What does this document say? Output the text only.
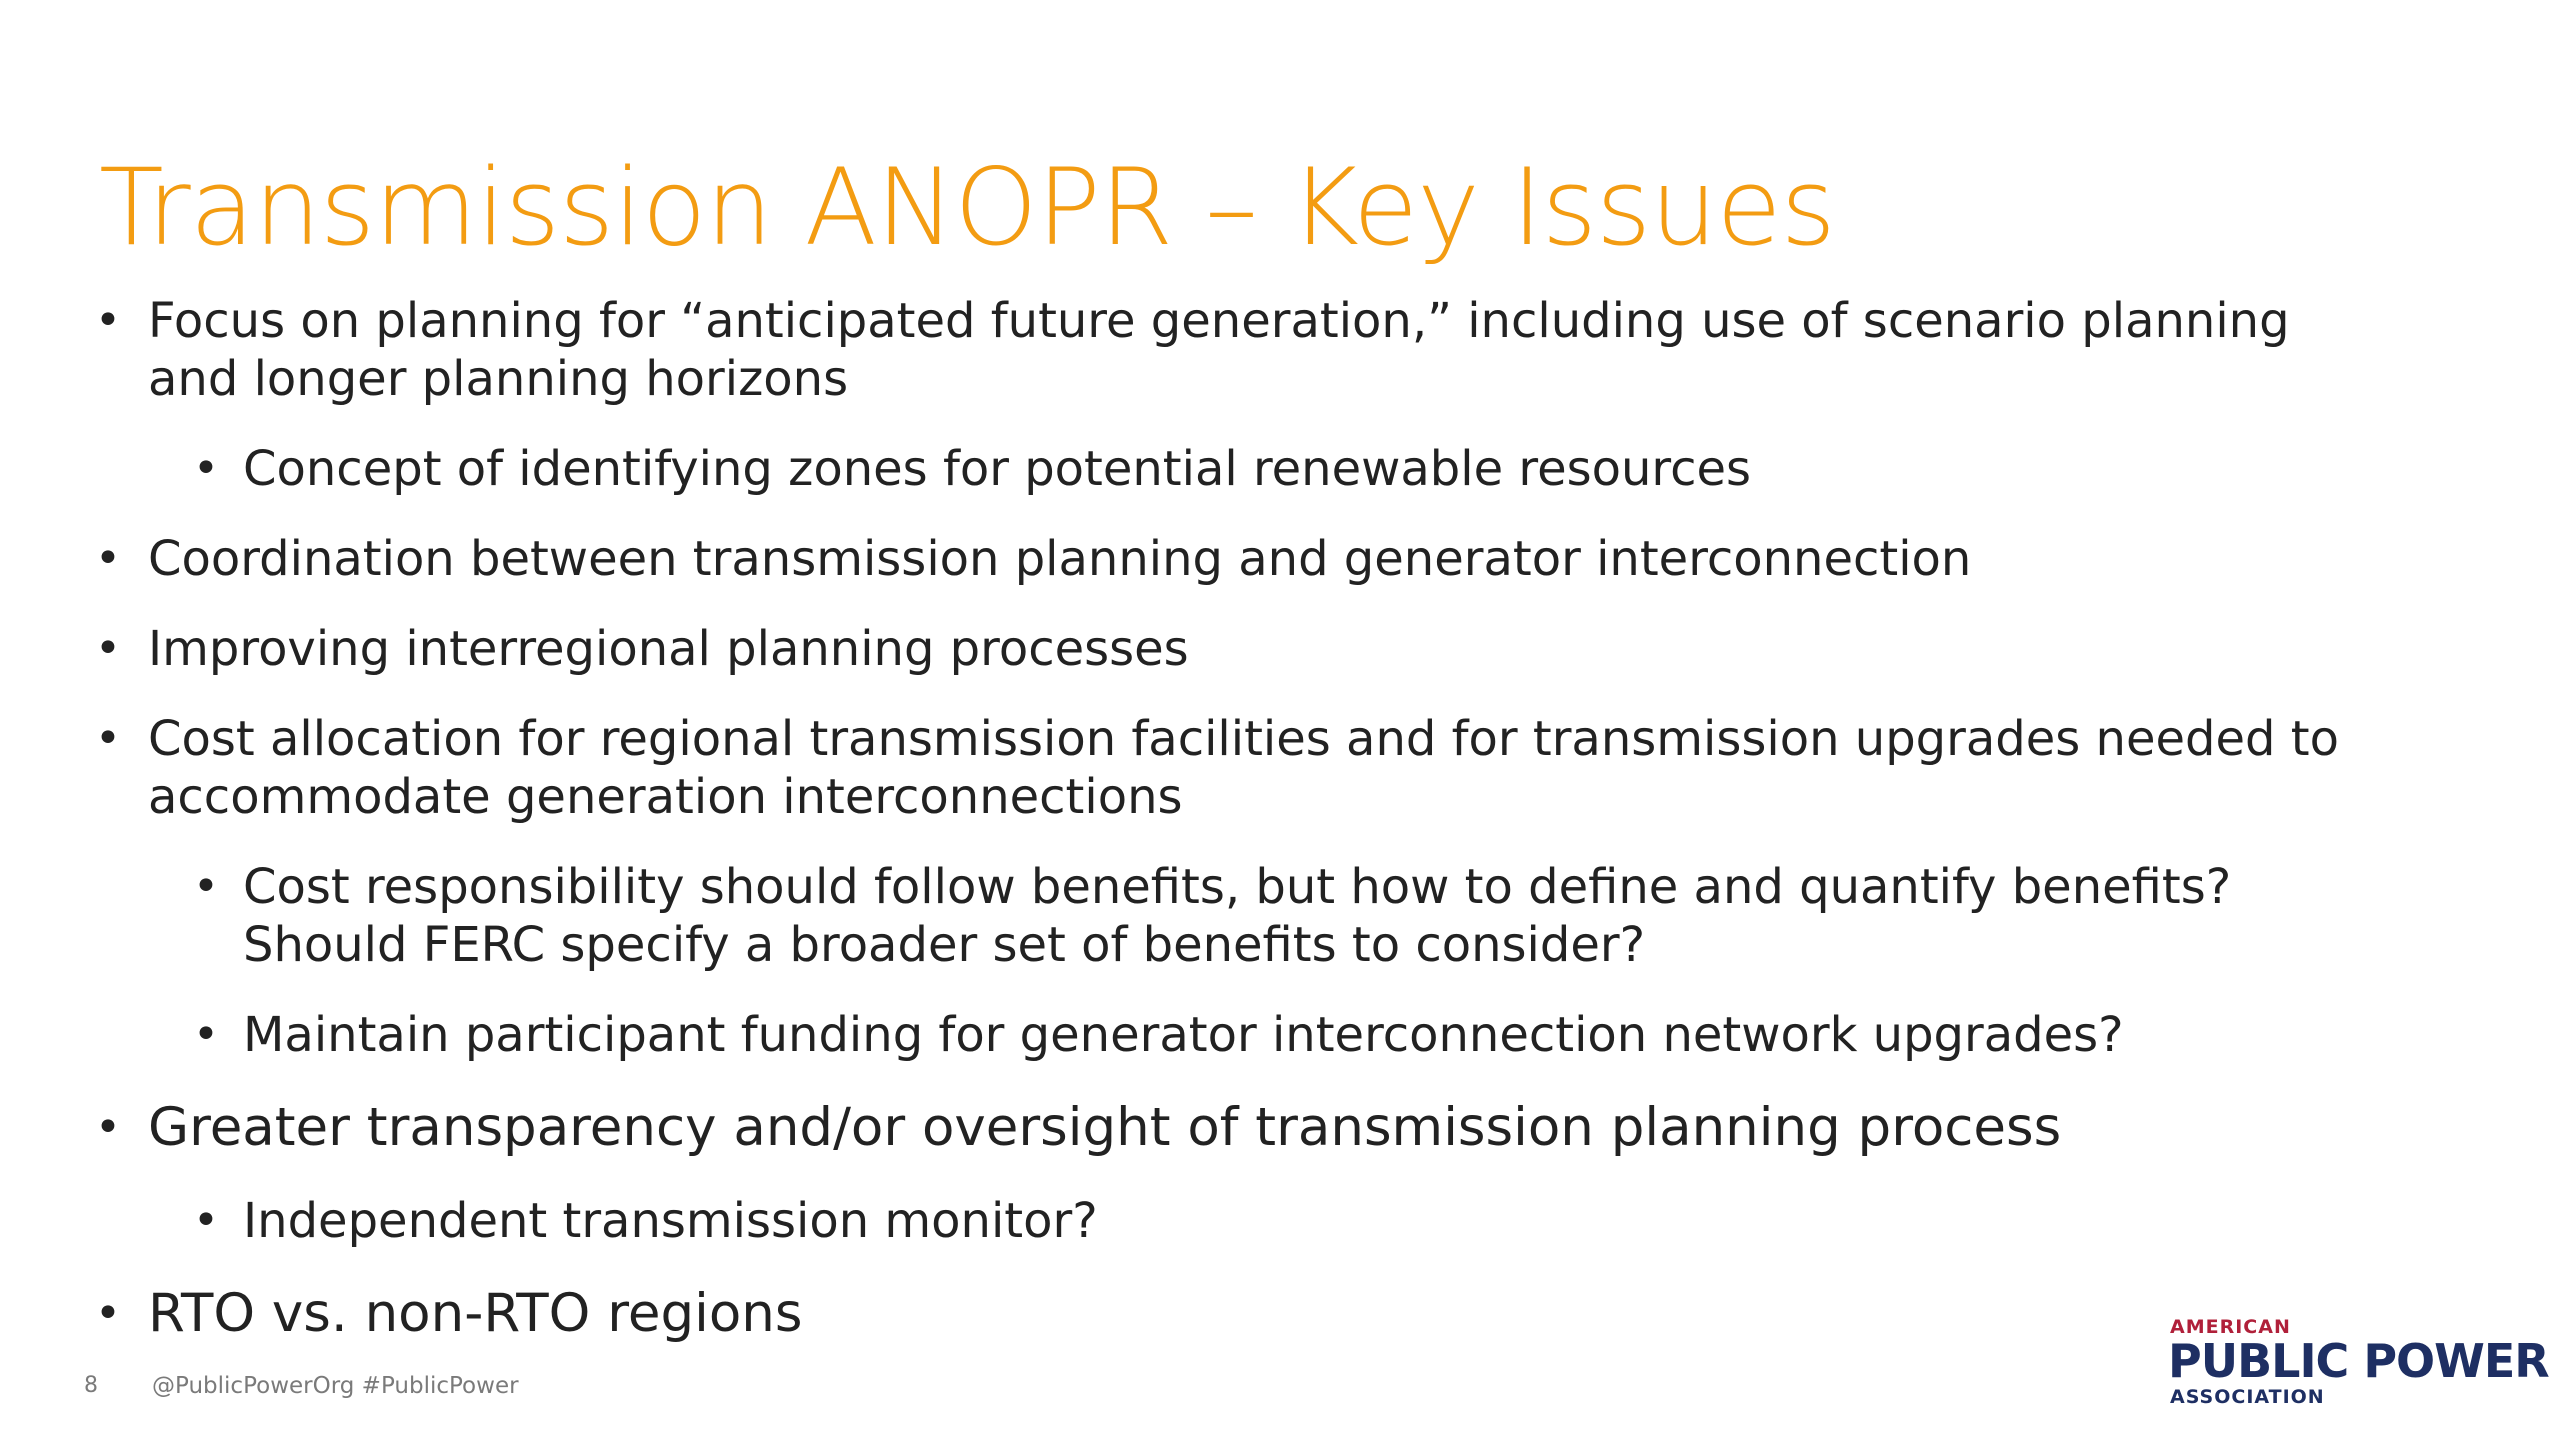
Transmission ANOPR – Key Issues
• Focus on planning for “anticipated future generation,” including use of scenario planning and longer planning horizons
• Concept of identifying zones for potential renewable resources
• Coordination between transmission planning and generator interconnection
• Improving interregional planning processes
• Cost allocation for regional transmission facilities and for transmission upgrades needed to accommodate generation interconnections
• Cost responsibility should follow benefits, but how to define and quantify benefits? Should FERC specify a broader set of benefits to consider?
• Maintain participant funding for generator interconnection network upgrades?
• Greater transparency and/or oversight of transmission planning process
• Independent transmission monitor?
• RTO vs. non-RTO regions
8 @PublicPowerOrg #PublicPower
AMERICAN
PUBLIC POWER
ASSOCIATION
